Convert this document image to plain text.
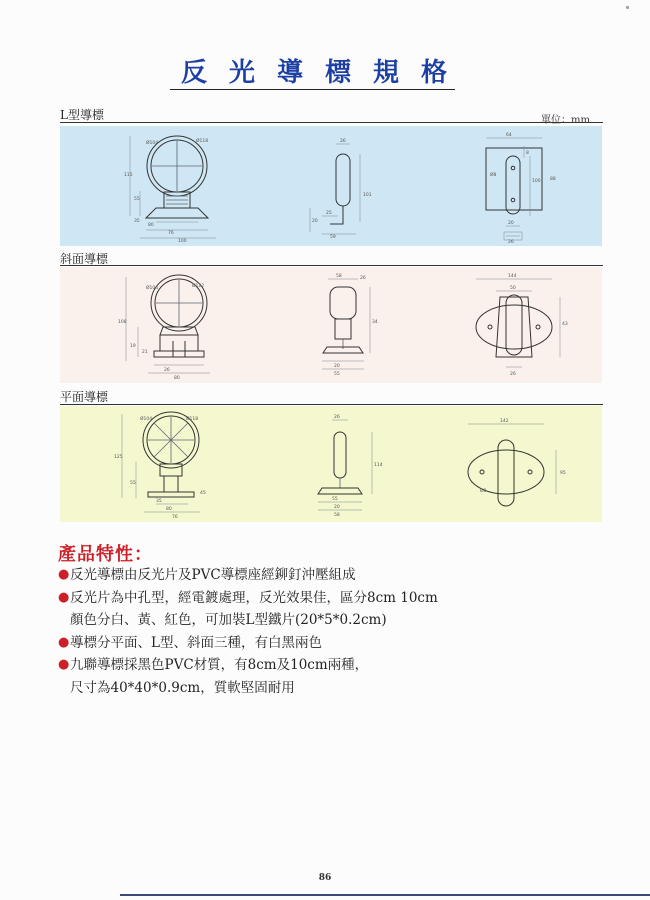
反光導標規格
單位：mm
L型導標
Ø104	Ø118
115
55
80
76
100
35
26
101
25
59
20
64
88
Ø8
8
100
20
26
斜面導標
Ø104	Ø122
108
19
26
80
21
58	26
34
20
55
144
50
43
26
平面導標
Ø104	Ø118
125
55
80
76
35
45
26
114
55
20
58
142
95
Ø8
產品特性：
● 反光導標由反光片及PVC導標座經鉚釘沖壓組成
● 反光片為中孔型，經電鍍處理，反光效果佳，區分8cm 10cm
顏色分白、黃、紅色，可加裝L型鐵片(20*5*0.2cm)
● 導標分平面、L型、斜面三種，有白黑兩色
● 九聯導標採黑色PVC材質，有8cm及10cm兩種，
尺寸為40*40*0.9cm，質軟堅固耐用
86
